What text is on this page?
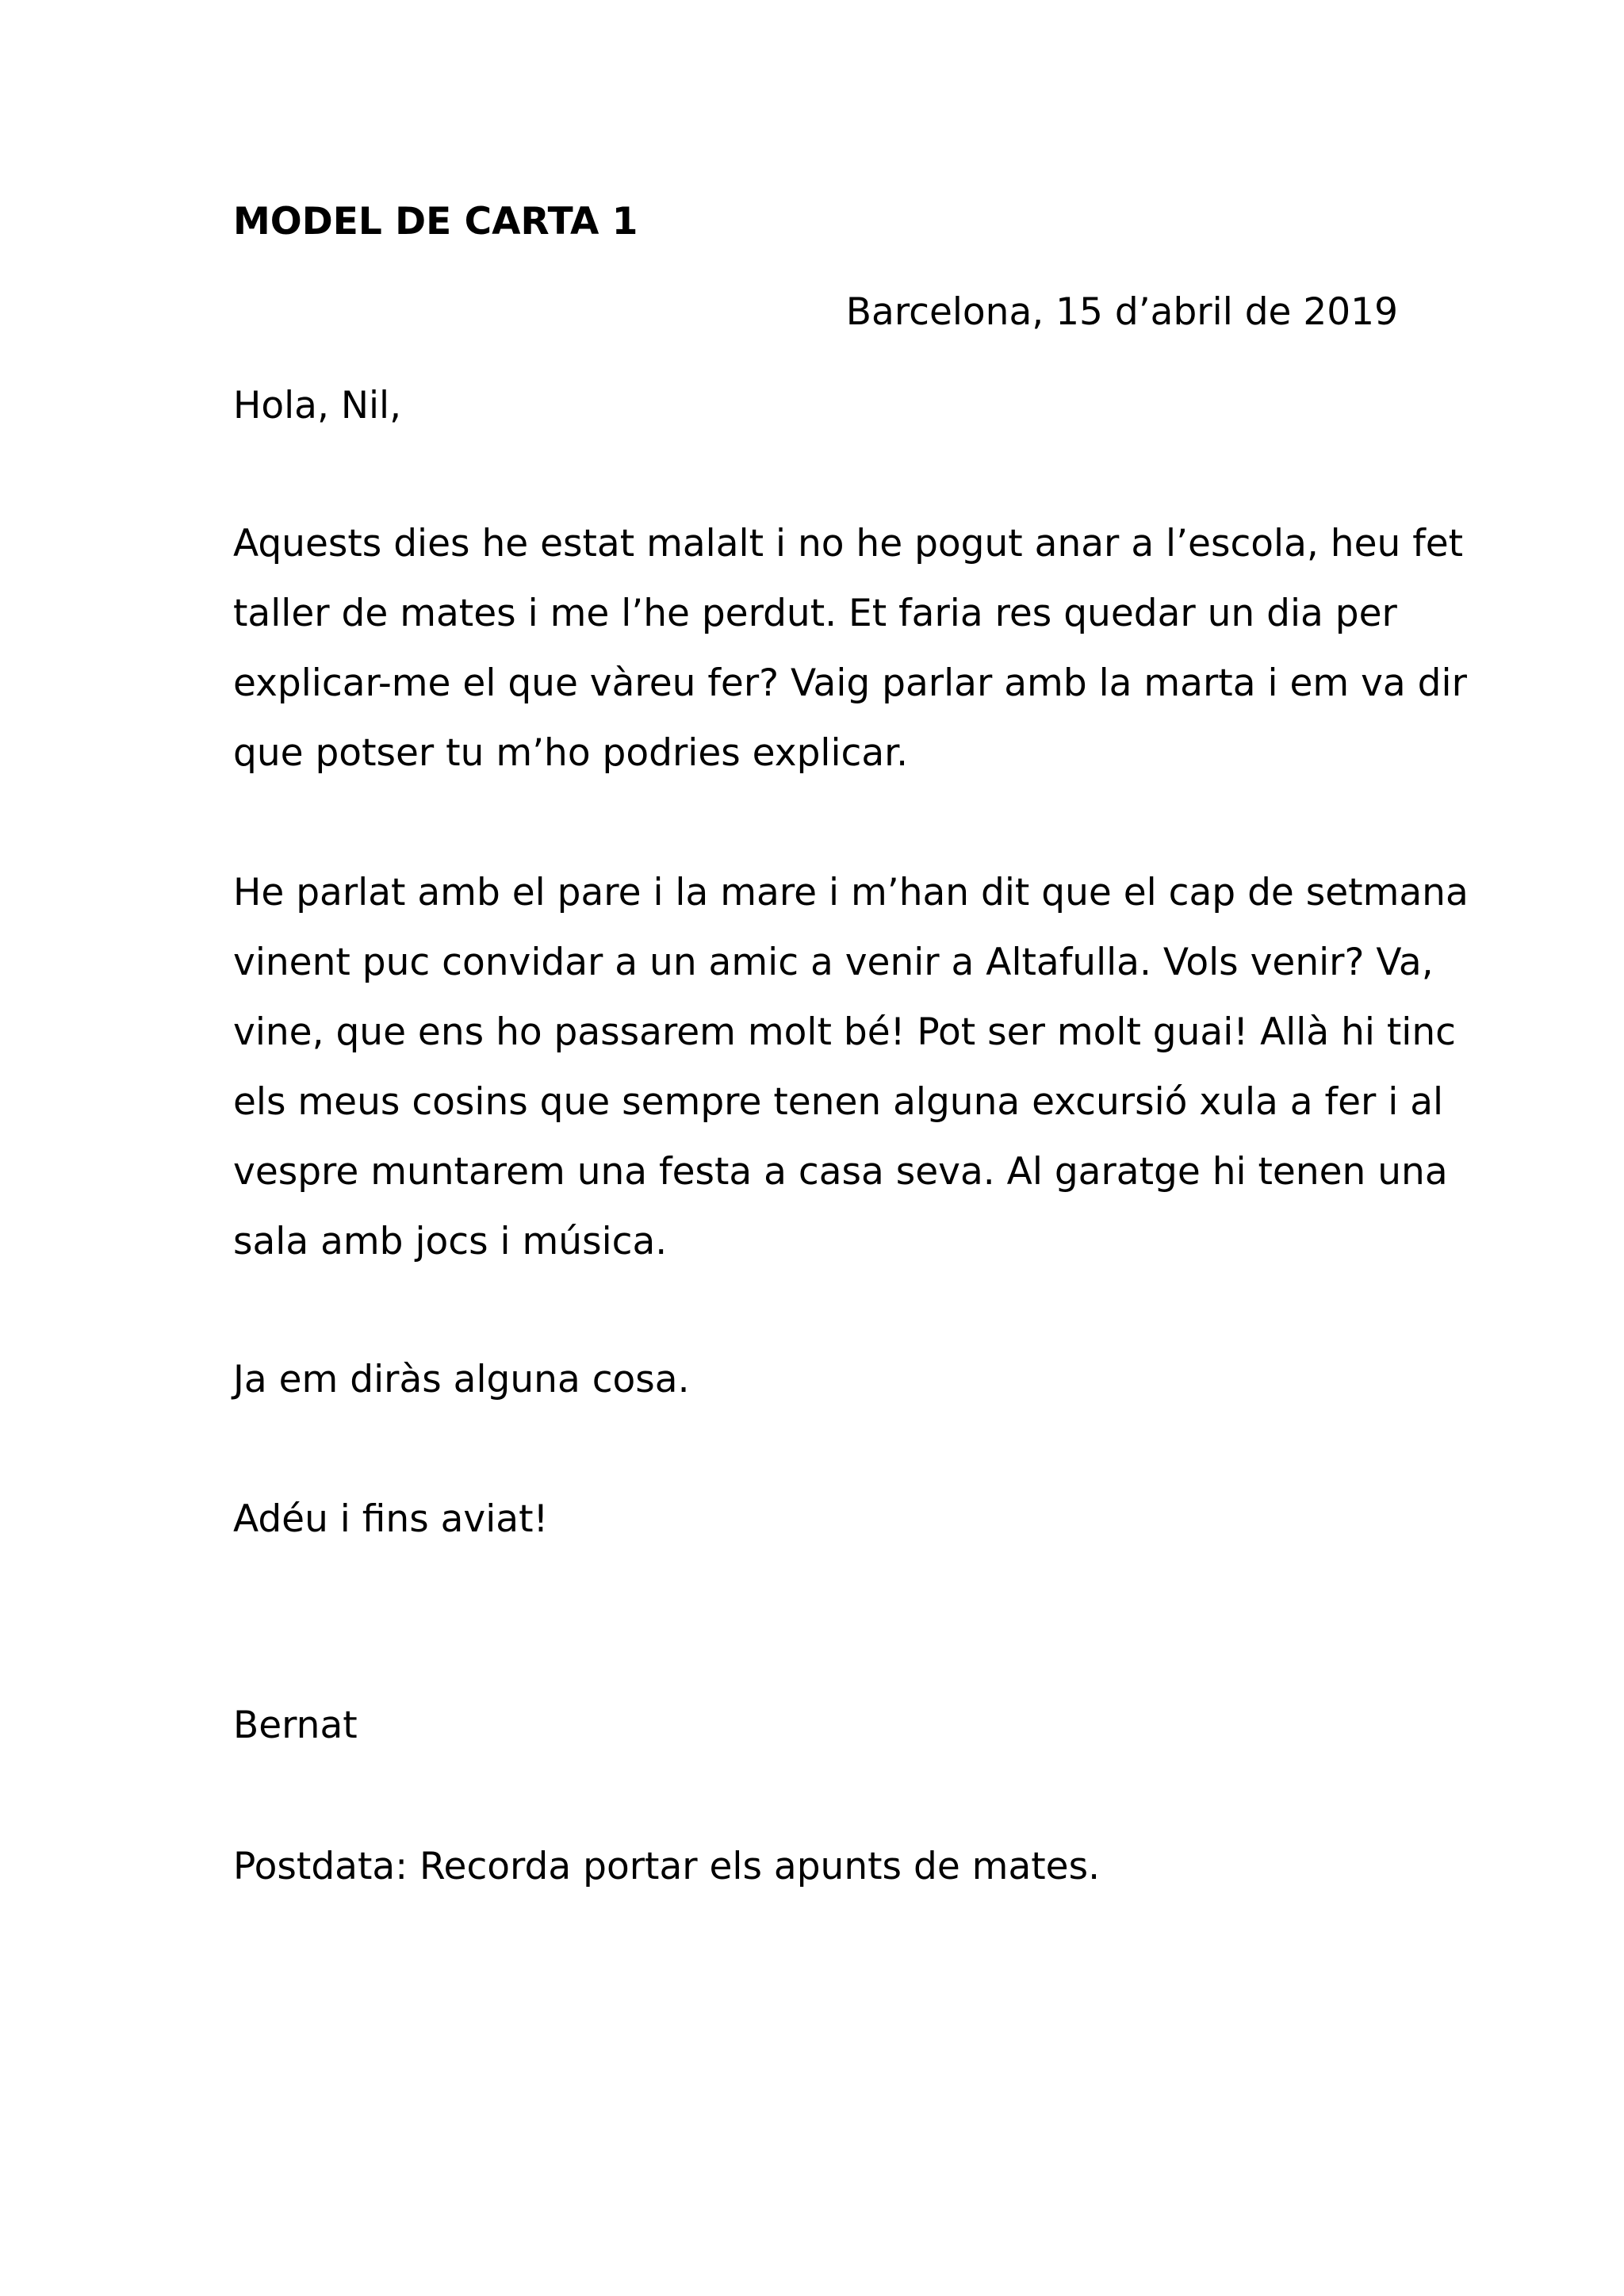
MODEL DE CARTA 1
Barcelona, 15 d’abril de 2019
Hola, Nil,
Aquests dies he estat malalt i no he pogut anar a l’escola, heu fet
taller de mates i me l’he perdut. Et faria res quedar un dia per
explicar-me el que vàreu fer? Vaig parlar amb la marta i em va dir
que potser tu m’ho podries explicar.
He parlat amb el pare i la mare i m’han dit que el cap de setmana
vinent puc convidar a un amic a venir a Altafulla. Vols venir? Va,
vine, que ens ho passarem molt bé! Pot ser molt guai! Allà hi tinc
els meus cosins que sempre tenen alguna excursió xula a fer i al
vespre muntarem una festa a casa seva. Al garatge hi tenen una
sala amb jocs i música.
Ja em diràs alguna cosa.
Adéu i fins aviat!
Bernat
Postdata: Recorda portar els apunts de mates.
